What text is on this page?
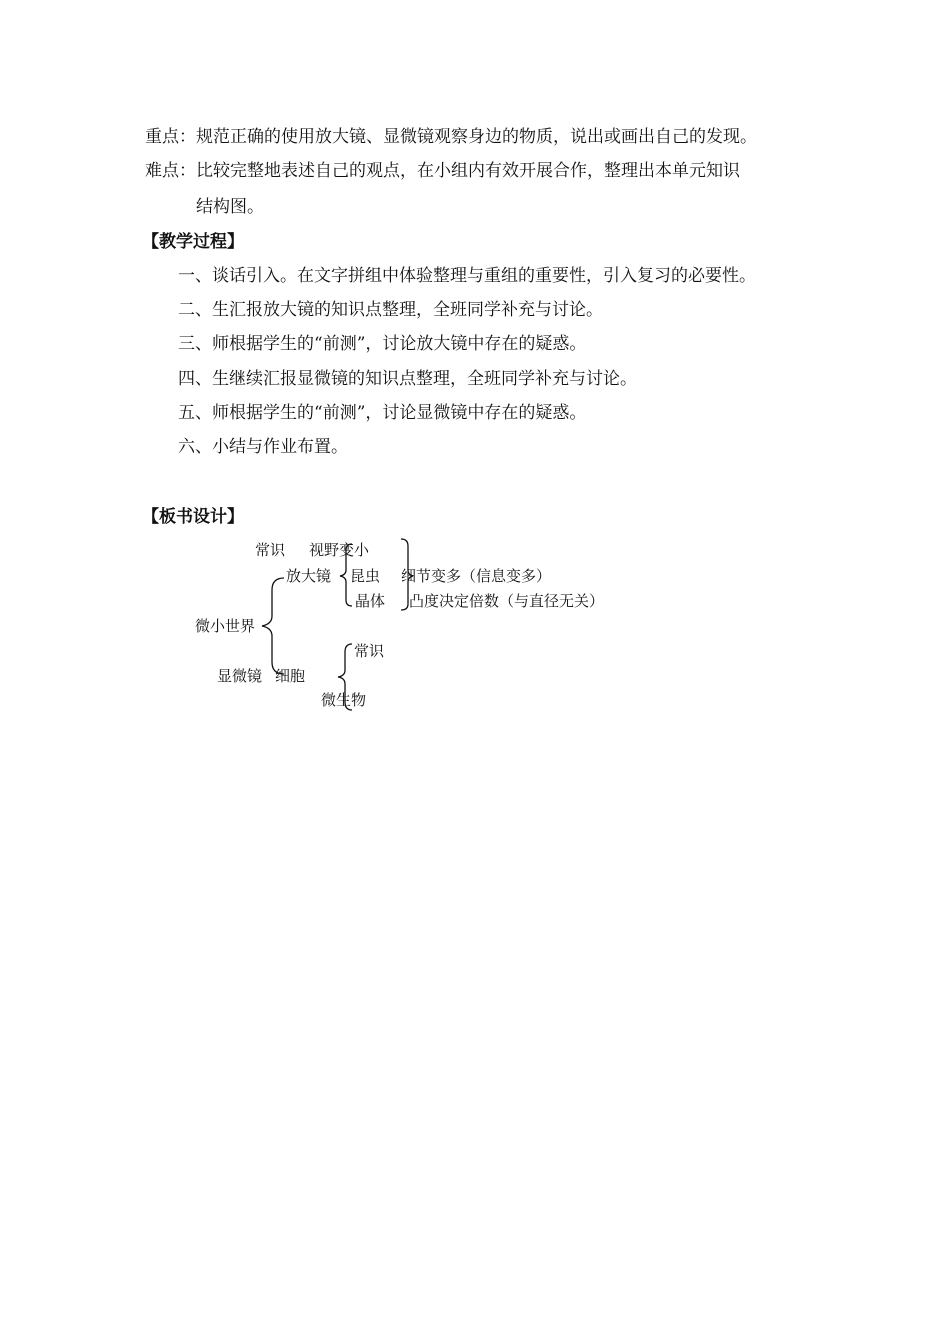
重点：规范正确的使用放大镜、显微镜观察身边的物质，说出或画出自己的发现。
难点：比较完整地表述自己的观点，在小组内有效开展合作，整理出本单元知识
结构图。
【教学过程】
一、谈话引入。在文字拼组中体验整理与重组的重要性，引入复习的必要性。
二、生汇报放大镜的知识点整理，全班同学补充与讨论。
三、师根据学生的“前测”，讨论放大镜中存在的疑惑。
四、生继续汇报显微镜的知识点整理，全班同学补充与讨论。
五、师根据学生的“前测”，讨论显微镜中存在的疑惑。
六、小结与作业布置。
【板书设计】
微小世界
放大镜
常识
昆虫
晶体
视野变小
细节变多（信息变多）
凸度决定倍数（与直径无关）
显微镜 细胞
常识
微生物
